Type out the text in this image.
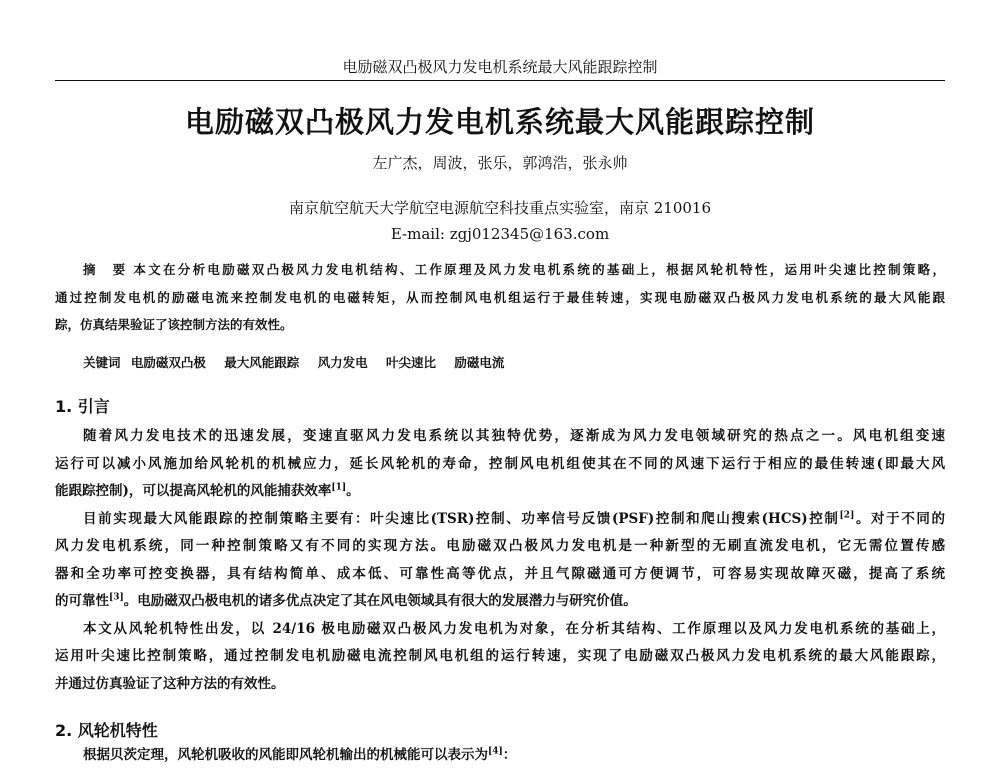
电励磁双凸极风力发电机系统最大风能跟踪控制
电励磁双凸极风力发电机系统最大风能跟踪控制
左广杰，周波，张乐，郭鸿浩，张永帅
南京航空航天大学航空电源航空科技重点实验室，南京 210016
E-mail: zgj012345@163.com
摘　要 本文在分析电励磁双凸极风力发电机结构、工作原理及风力发电机系统的基础上，根据风轮机特性，运用叶尖速比控制策略，
通过控制发电机的励磁电流来控制发电机的电磁转矩，从而控制风电机组运行于最佳转速，实现电励磁双凸极风力发电机系统的最大风能跟
踪，仿真结果验证了该控制方法的有效性。
关键词 电励磁双凸极 最大风能跟踪 风力发电 叶尖速比 励磁电流
1. 引言
随着风力发电技术的迅速发展，变速直驱风力发电系统以其独特优势，逐渐成为风力发电领域研究的热点之一。风电机组变速
运行可以减小风施加给风轮机的机械应力，延长风轮机的寿命，控制风电机组使其在不同的风速下运行于相应的最佳转速(即最大风
能跟踪控制)，可以提高风轮机的风能捕获效率[1]。
目前实现最大风能跟踪的控制策略主要有：叶尖速比(TSR)控制、功率信号反馈(PSF)控制和爬山搜索(HCS)控制[2]。对于不同的
风力发电机系统，同一种控制策略又有不同的实现方法。电励磁双凸极风力发电机是一种新型的无刷直流发电机，它无需位置传感
器和全功率可控变换器，具有结构简单、成本低、可靠性高等优点，并且气隙磁通可方便调节，可容易实现故障灭磁，提高了系统
的可靠性[3]。电励磁双凸极电机的诸多优点决定了其在风电领域具有很大的发展潜力与研究价值。
本文从风轮机特性出发，以 24/16 极电励磁双凸极风力发电机为对象，在分析其结构、工作原理以及风力发电机系统的基础上，
运用叶尖速比控制策略，通过控制发电机励磁电流控制风电机组的运行转速，实现了电励磁双凸极风力发电机系统的最大风能跟踪，
并通过仿真验证了这种方法的有效性。
2. 风轮机特性
根据贝茨定理，风轮机吸收的风能即风轮机输出的机械能可以表示为[4]：
